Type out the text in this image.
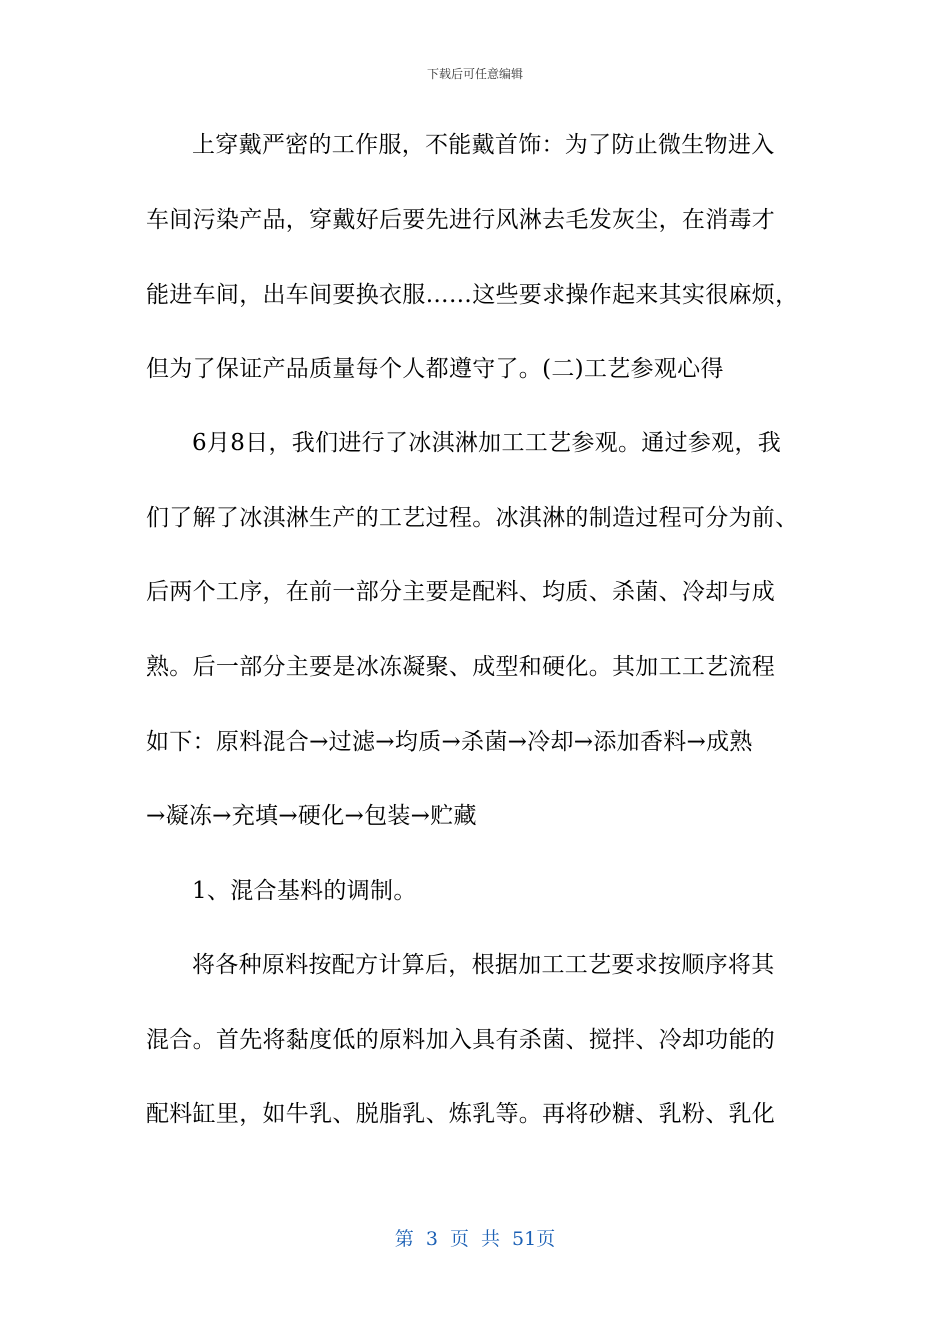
下载后可任意编辑
上穿戴严密的工作服，不能戴首饰：为了防止微生物进入
车间污染产品，穿戴好后要先进行风淋去毛发灰尘，在消毒才
能进车间，出车间要换衣服……这些要求操作起来其实很麻烦，
但为了保证产品质量每个人都遵守了。(二)工艺参观心得
6月8日，我们进行了冰淇淋加工工艺参观。通过参观，我
们了解了冰淇淋生产的工艺过程。冰淇淋的制造过程可分为前、
后两个工序，在前一部分主要是配料、均质、杀菌、冷却与成
熟。后一部分主要是冰冻凝聚、成型和硬化。其加工工艺流程
如下：原料混合→过滤→均质→杀菌→冷却→添加香料→成熟
→凝冻→充填→硬化→包装→贮藏
1、混合基料的调制。
将各种原料按配方计算后，根据加工工艺要求按顺序将其
混合。首先将黏度低的原料加入具有杀菌、搅拌、冷却功能的
配料缸里，如牛乳、脱脂乳、炼乳等。再将砂糖、乳粉、乳化
第 3 页 共 51页
